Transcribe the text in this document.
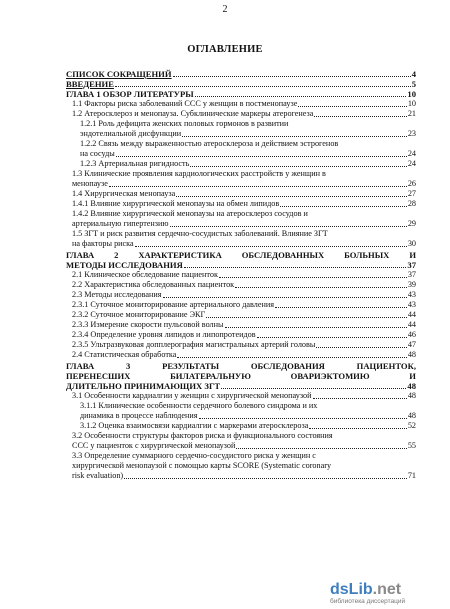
2
ОГЛАВЛЕНИЕ
СПИСОК СОКРАЩЕНИЙ	4
ВВЕДЕНИЕ	5
ГЛАВА 1 ОБЗОР ЛИТЕРАТУРЫ	10
1.1 Факторы риска заболеваний ССС у женщин в постменопаузе	10
1.2 Атеросклероз и менопауза. Субклинические маркеры атерогенеза	21
1.2.1 Роль дефицита женских половых гормонов в развитии
эндотелиальной дисфункции	23
1.2.2 Связь между выраженностью атеросклероза и действием эстрогенов
на сосуды	24
1.2.3 Артериальная ригидность	24
1.3 Клинические проявления кардиологических расстройств у женщин в
менопаузе	26
1.4 Хирургическая менопауза	27
1.4.1 Влияние хирургической менопаузы на обмен липидов	28
1.4.2 Влияние хирургической менопаузы на атеросклероз сосудов и
артериальную гипертензию	29
1.5 ЗГТ и риск развития сердечно-сосудистых заболеваний. Влияние ЗГТ
на факторы риска	30
ГЛАВА 2 ХАРАКТЕРИСТИКА ОБСЛЕДОВАННЫХ БОЛЬНЫХ И
МЕТОДЫ ИССЛЕДОВАНИЯ	37
2.1 Клиническое обследование пациенток	37
2.2 Характеристика обследованных пациенток	39
2.3 Методы исследования	43
2.3.1 Суточное мониторирование артериального давления	43
2.3.2 Суточное мониторирование ЭКГ	44
2.3.3 Измерение скорости пульсовой волны	44
2.3.4 Определение уровня липидов и липопротеидов	46
2.3.5 Ультразвуковая допплерография магистральных артерий головы	47
2.4 Статистическая обработка	48
ГЛАВА 3 РЕЗУЛЬТАТЫ ОБСЛЕДОВАНИЯ ПАЦИЕНТОК,
ПЕРЕНЕСШИХ БИЛАТЕРАЛЬНУЮ ОВАРИЭКТОМИЮ И
ДЛИТЕЛЬНО ПРИНИМАЮЩИХ ЗГТ	48
3.1 Особенности кардиалгии у женщин с хирургической менопаузой	48
3.1.1 Клинические особенности сердечного болевого синдрома и их
динамика в процессе наблюдения	48
3.1.2 Оценка взаимосвязи кардиалгии с маркерами атеросклероза	52
3.2 Особенности структуры факторов риска и функционального состояния
ССС у пациенток с хирургической менопаузой	55
3.3 Определение суммарного сердечно-сосудистого риска у женщин с
хирургической менопаузой с помощью карты SCORE (Systematic coronary
risk evaluation)	71
dsLib.net
библиотека диссертаций
